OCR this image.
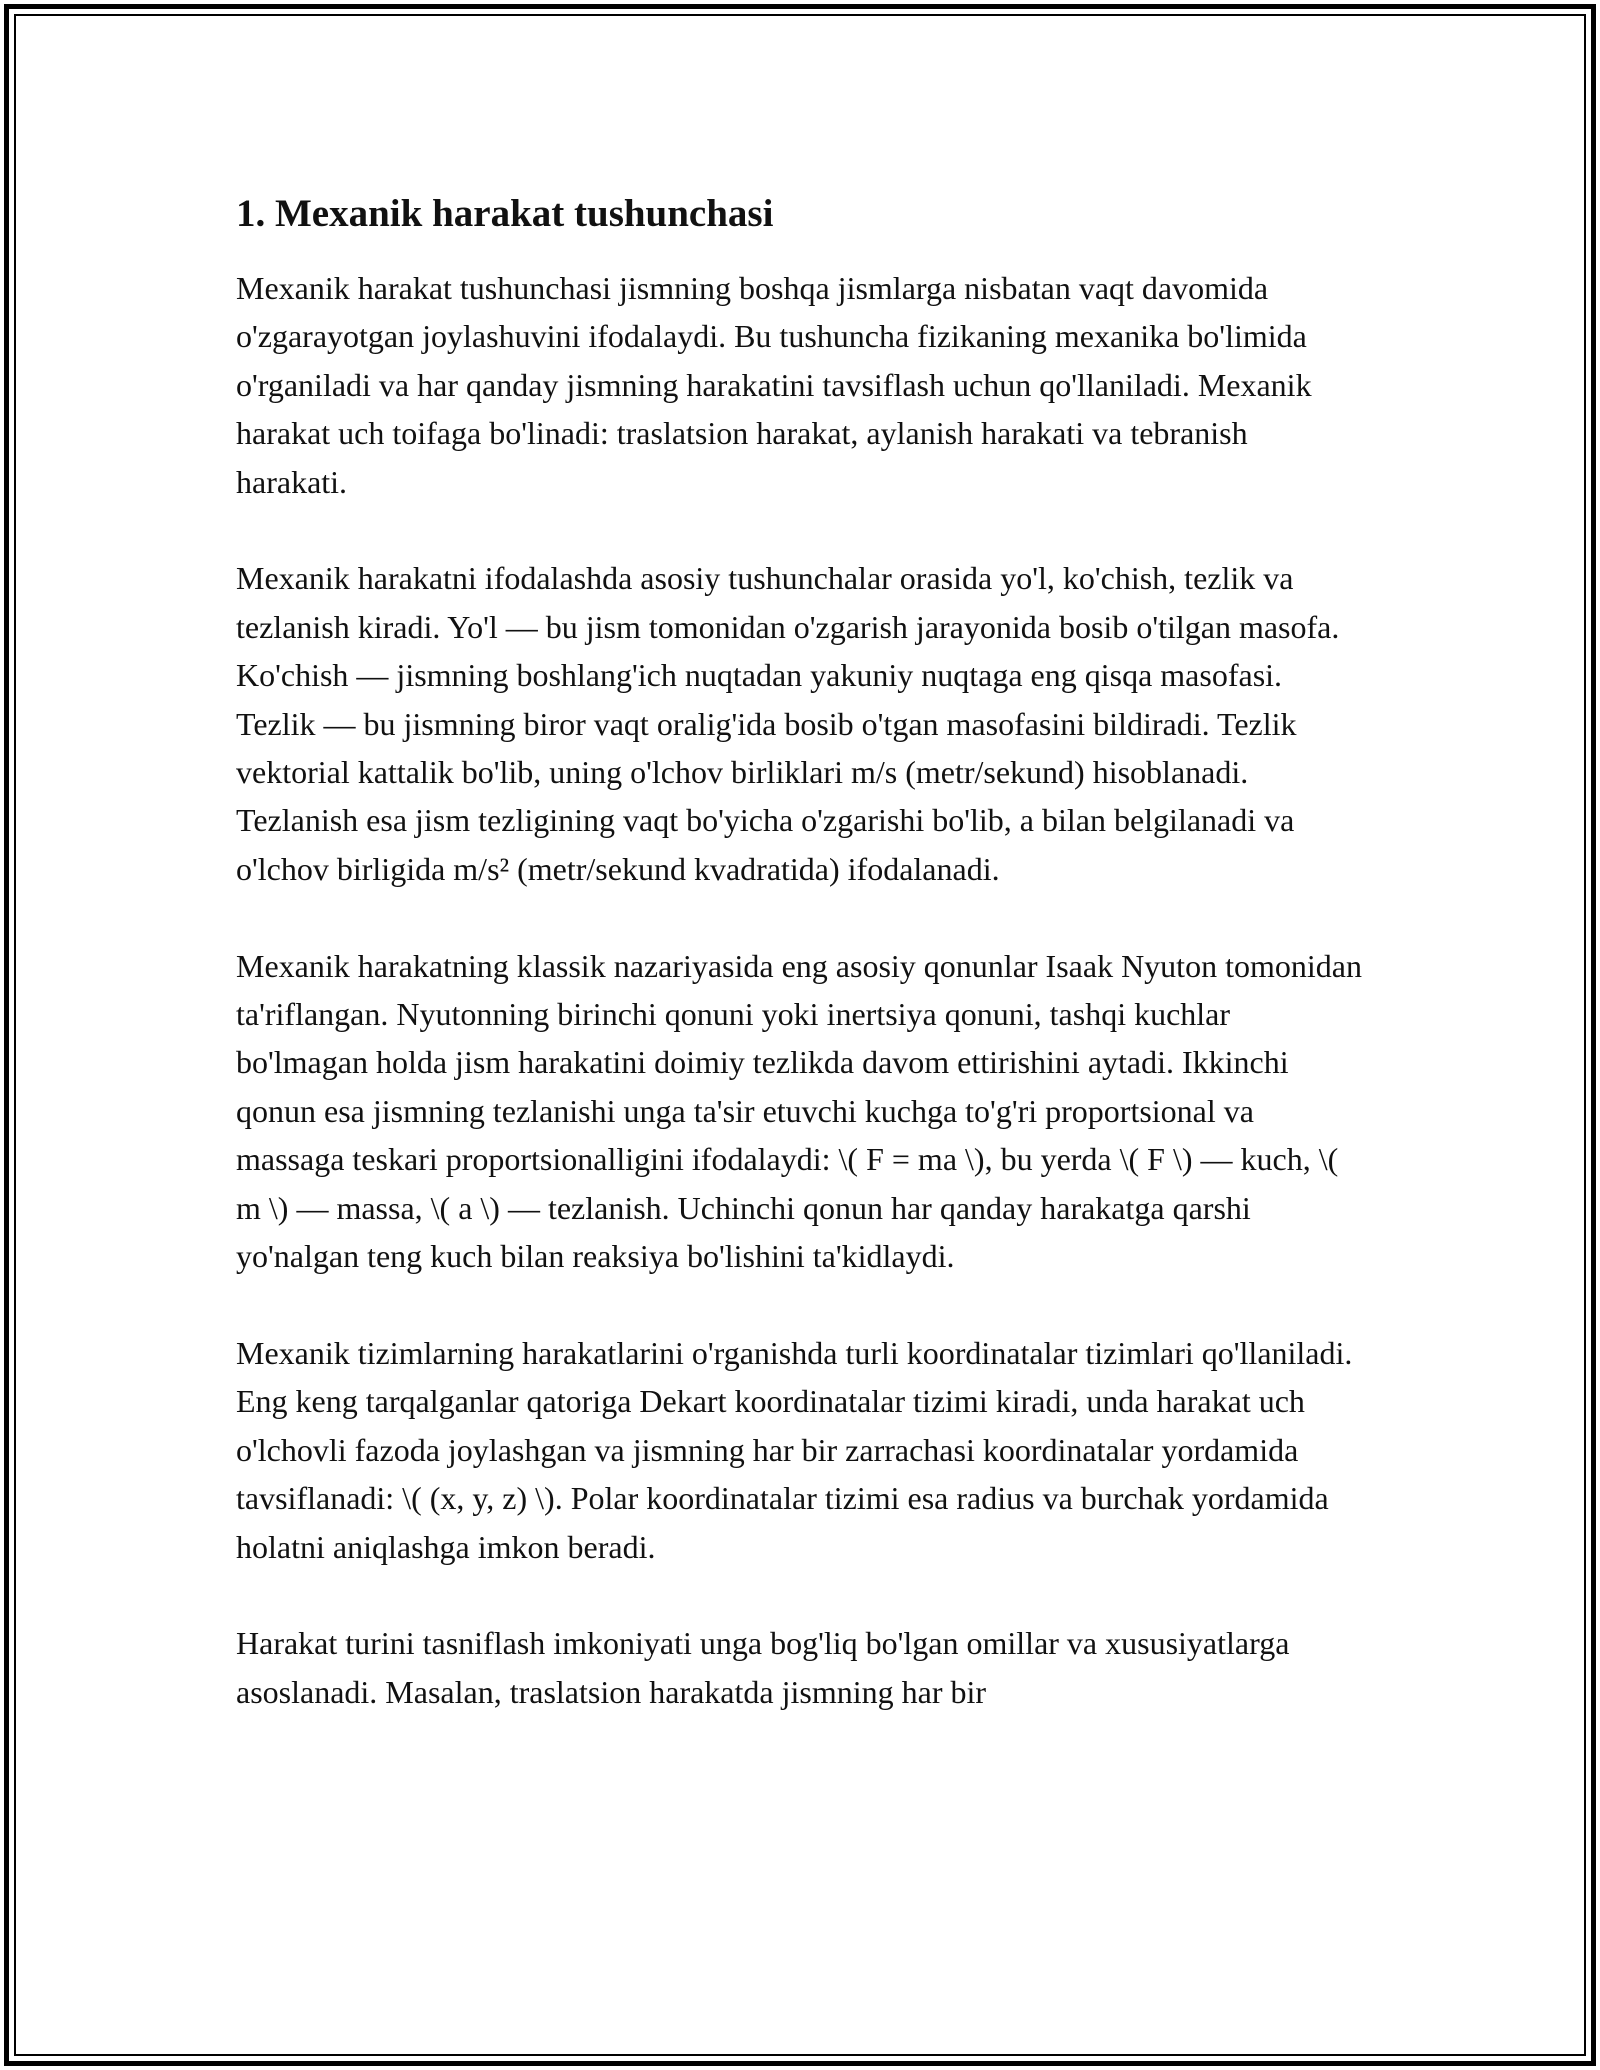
1. Mexanik harakat tushunchasi

Mexanik harakat tushunchasi jismning boshqa jismlarga nisbatan vaqt davomida o'zgarayotgan joylashuvini ifodalaydi. Bu tushuncha fizikaning mexanika bo'limida o'rganiladi va har qanday jismning harakatini tavsiflash uchun qo'llaniladi. Mexanik harakat uch toifaga bo'linadi: traslatsion harakat, aylanish harakati va tebranish harakati.

Mexanik harakatni ifodalashda asosiy tushunchalar orasida yo'l, ko'chish, tezlik va tezlanish kiradi. Yo'l — bu jism tomonidan o'zgarish jarayonida bosib o'tilgan masofa. Ko'chish — jismning boshlang'ich nuqtadan yakuniy nuqtaga eng qisqa masofasi. Tezlik — bu jismning biror vaqt oralig'ida bosib o'tgan masofasini bildiradi. Tezlik vektorial kattalik bo'lib, uning o'lchov birliklari m/s (metr/sekund) hisoblanadi. Tezlanish esa jism tezligining vaqt bo'yicha o'zgarishi bo'lib, a bilan belgilanadi va o'lchov birligida m/s² (metr/sekund kvadratida) ifodalanadi.

Mexanik harakatning klassik nazariyasida eng asosiy qonunlar Isaak Nyuton tomonidan ta'riflangan. Nyutonning birinchi qonuni yoki inertsiya qonuni, tashqi kuchlar bo'lmagan holda jism harakatini doimiy tezlikda davom ettirishini aytadi. Ikkinchi qonun esa jismning tezlanishi unga ta'sir etuvchi kuchga to'g'ri proportsional va massaga teskari proportsionalligini ifodalaydi: \( F = ma \), bu yerda \( F \) — kuch, \( m \) — massa, \( a \) — tezlanish. Uchinchi qonun har qanday harakatga qarshi yo'nalgan teng kuch bilan reaksiya bo'lishini ta'kidlaydi.

Mexanik tizimlarning harakatlarini o'rganishda turli koordinatalar tizimlari qo'llaniladi. Eng keng tarqalganlar qatoriga Dekart koordinatalar tizimi kiradi, unda harakat uch o'lchovli fazoda joylashgan va jismning har bir zarrachasi koordinatalar yordamida tavsiflanadi: \( (x, y, z) \). Polar koordinatalar tizimi esa radius va burchak yordamida holatni aniqlashga imkon beradi.

Harakat turini tasniflash imkoniyati unga bog'liq bo'lgan omillar va xususiyatlarga asoslanadi. Masalan, traslatsion harakatda jismning har bir
